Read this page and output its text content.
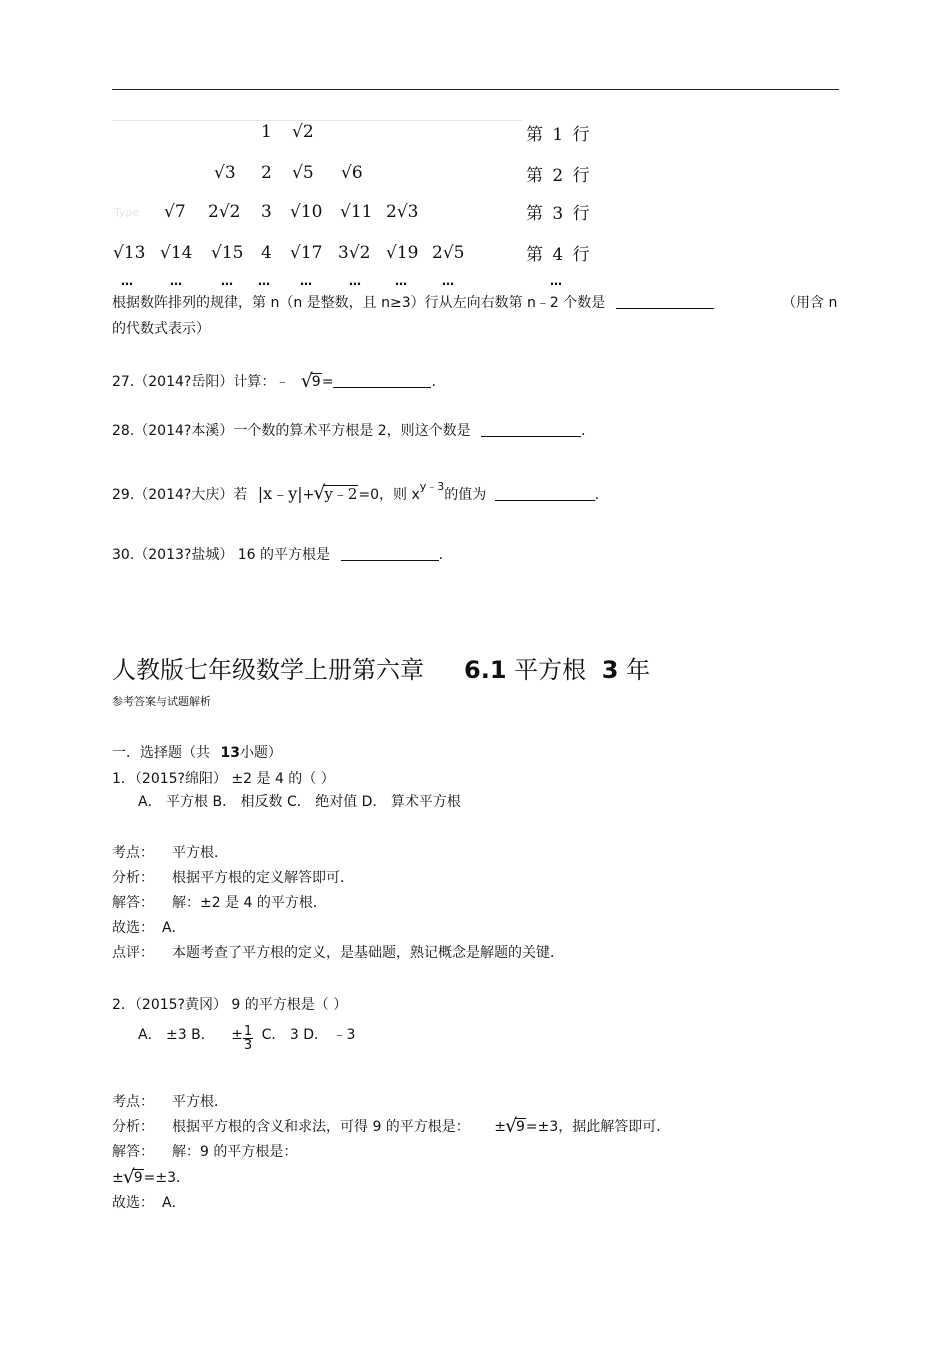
1 √2	第 1 行
√3 2 √5 √6	第 2 行
Type √7 2√2 3 √10 √11 2√3	第 3 行
√13 √14 √15 4 √17 3√2 √19 2√5	第 4 行
…	…	… … …	…	…	…	…
根据数阵排列的规律，第 n（n 是整数，且 n≥3）行从左向右数第 n﹣2 个数是	（用含 n
的代数式表示）
27.（2014?岳阳）计算：﹣ √
9=	.
28.（2014?本溪）一个数的算术平方根是 2，则这个数是	.
29.（2014?大庆）若 |x﹣y|+ √
y﹣2=0，则 $x^{y﹣3}$的值为	.
30.（2013?盐城） 16 的平方根是	.
人教版七年级数学上册第六章 6.1 平方根 3 年
参考答案与试题解析
一．选择题（共 13小题）
1．（2015?绵阳） ±2 是 4 的（ ）
A． 平方根 B． 相反数 C． 绝对值 D． 算术平方根
考点： 平方根．
分析： 根据平方根的定义解答即可．
解答： 解：±2 是 4 的平方根．
故选： A．
点评： 本题考查了平方根的定义，是基础题，熟记概念是解题的关键．
2．（2015?黄冈） 9 的平方根是（ ）
A． ±3 B． ± $\frac{1}{3}$ C． 3 D． ﹣3
考点： 平方根．
分析： 根据平方根的含义和求法，可得 9 的平方根是： ± √
9=±3，据此解答即可．
解答： 解：9 的平方根是：
± √
9=±3．
故选： A．
